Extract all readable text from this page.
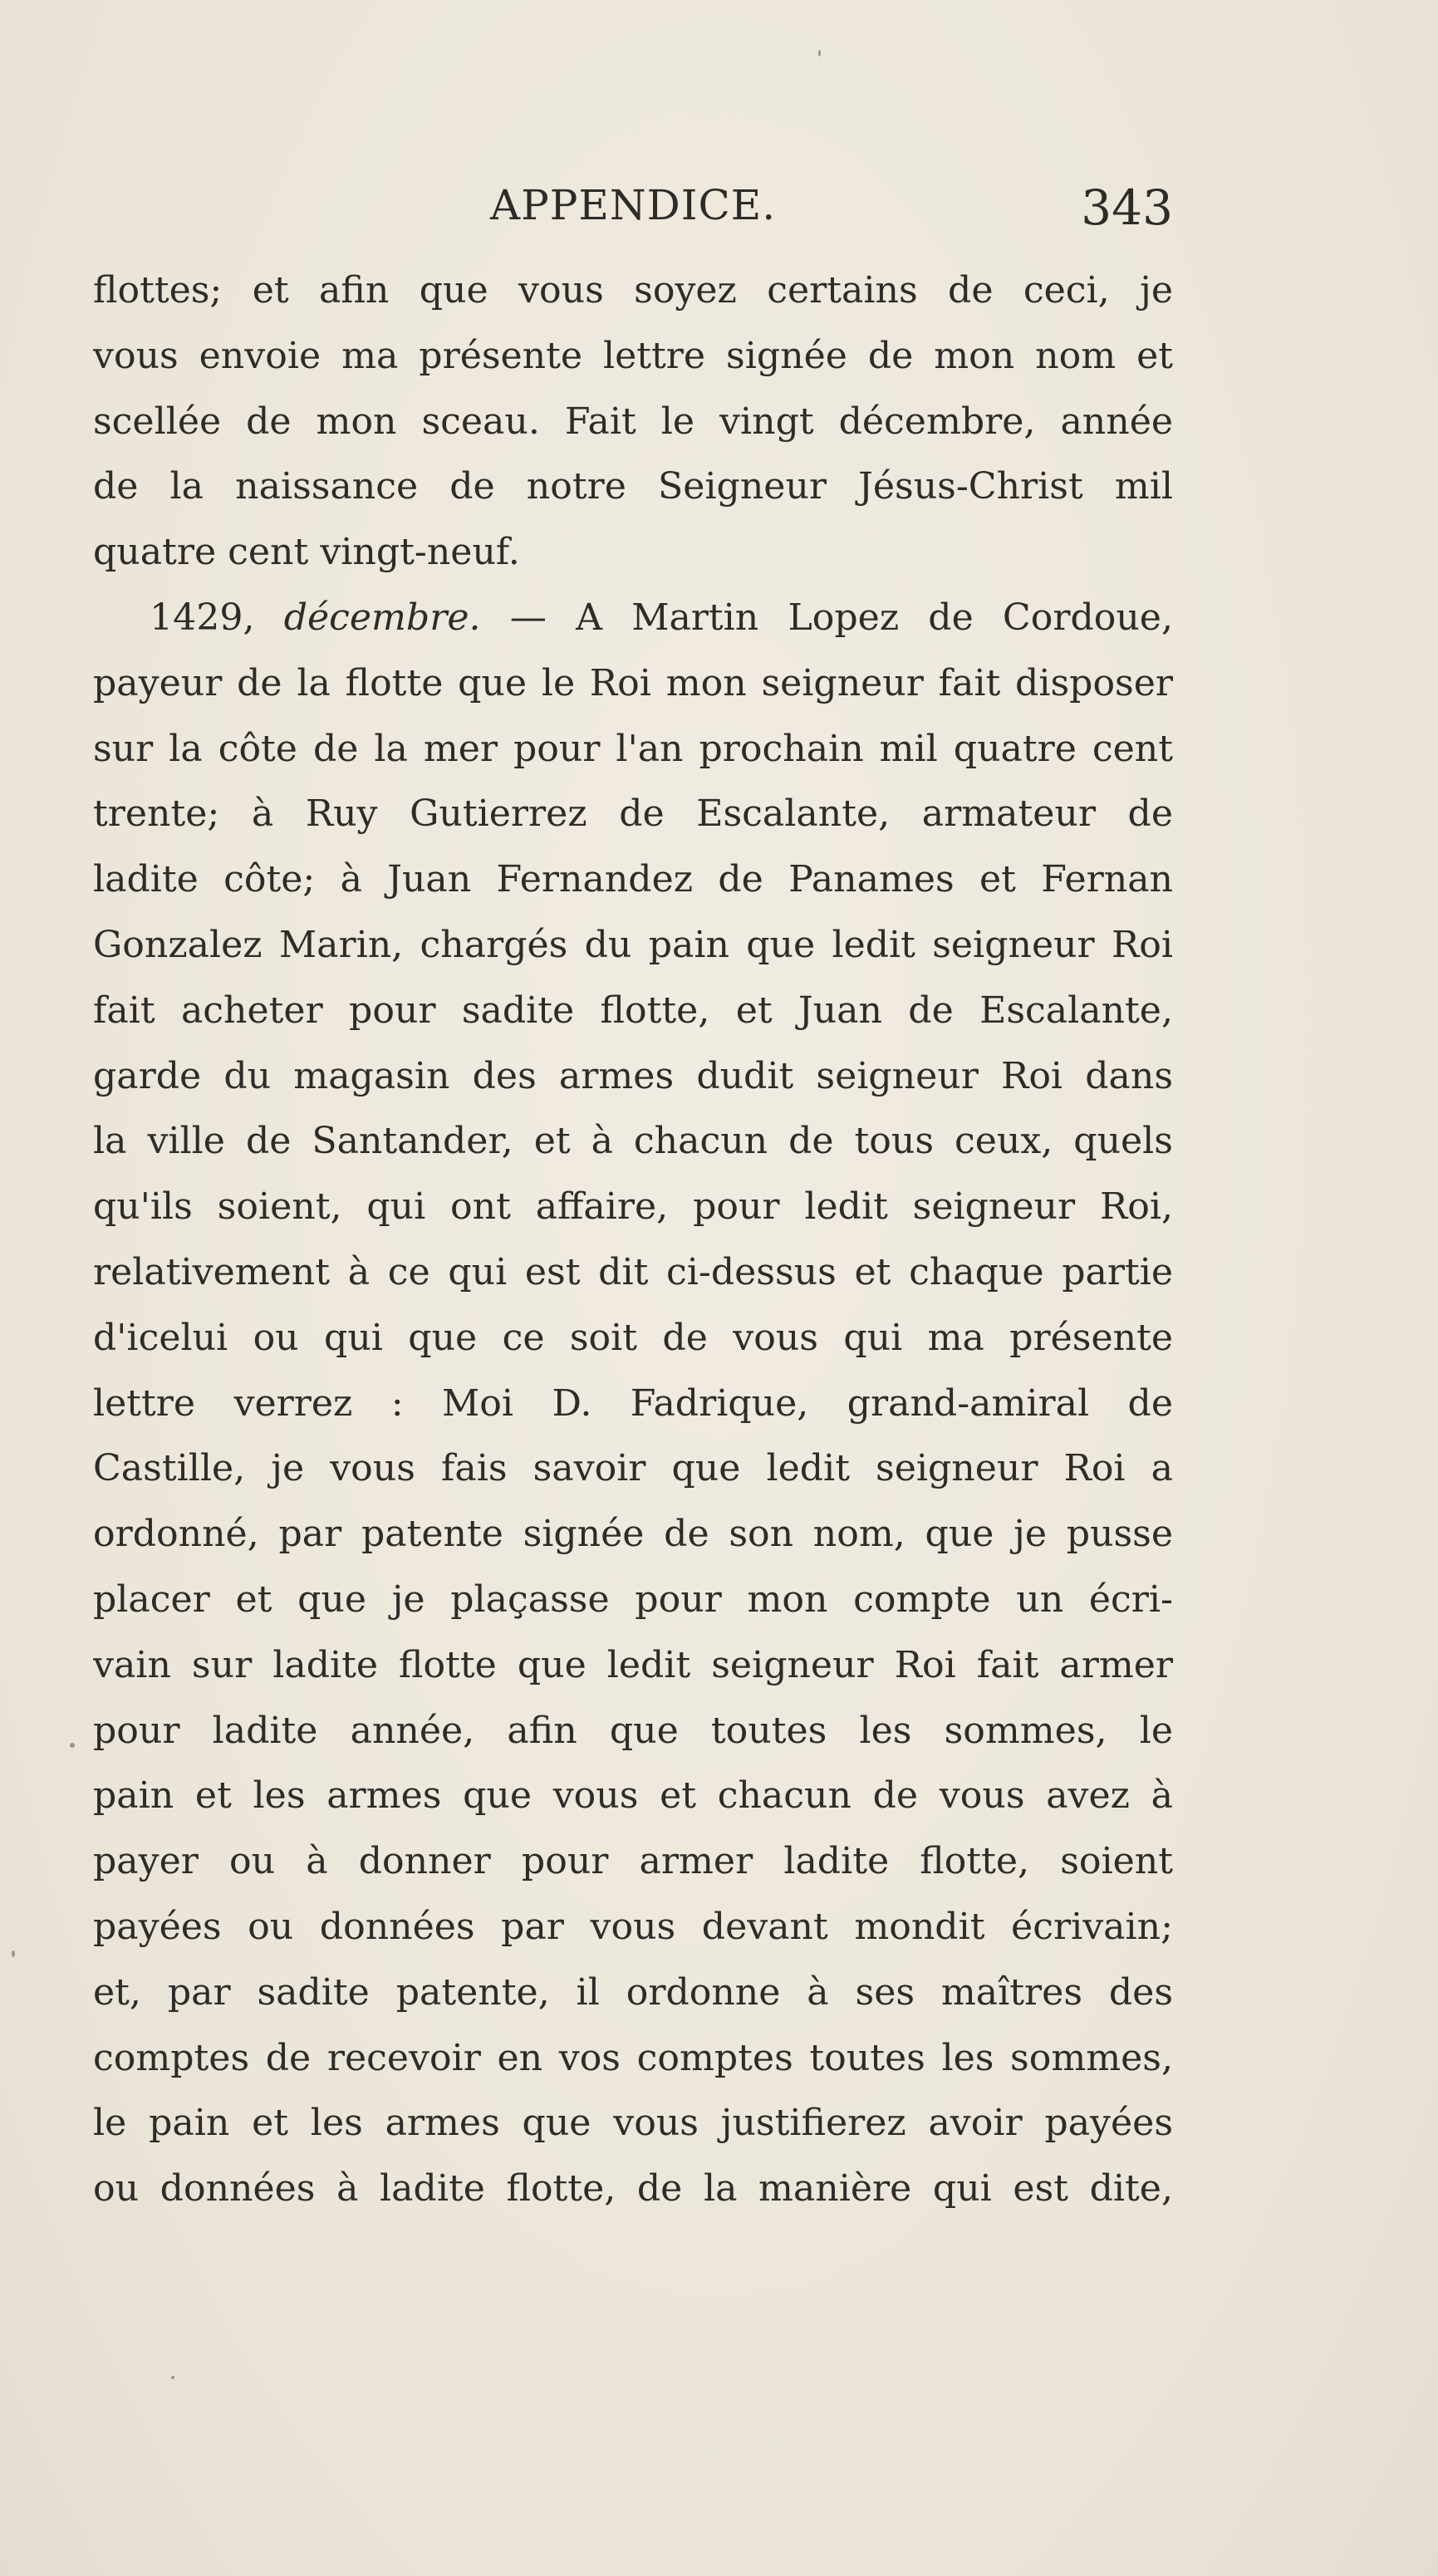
APPENDICE.	343
flottes; et afin que vous soyez certains de ceci, je
vous envoie ma présente lettre signée de mon nom et
scellée de mon sceau. Fait le vingt décembre, année
de la naissance de notre Seigneur Jésus-Christ mil
quatre cent vingt-neuf.
1429, décembre. — A Martin Lopez de Cordoue,
payeur de la flotte que le Roi mon seigneur fait disposer
sur la côte de la mer pour l'an prochain mil quatre cent
trente; à Ruy Gutierrez de Escalante, armateur de
ladite côte; à Juan Fernandez de Panames et Fernan
Gonzalez Marin, chargés du pain que ledit seigneur Roi
fait acheter pour sadite flotte, et Juan de Escalante,
garde du magasin des armes dudit seigneur Roi dans
la ville de Santander, et à chacun de tous ceux, quels
qu'ils soient, qui ont affaire, pour ledit seigneur Roi,
relativement à ce qui est dit ci-dessus et chaque partie
d'icelui ou qui que ce soit de vous qui ma présente
lettre verrez : Moi D. Fadrique, grand-amiral de
Castille, je vous fais savoir que ledit seigneur Roi a
ordonné, par patente signée de son nom, que je pusse
placer et que je plaçasse pour mon compte un écri-
vain sur ladite flotte que ledit seigneur Roi fait armer
pour ladite année, afin que toutes les sommes, le
pain et les armes que vous et chacun de vous avez à
payer ou à donner pour armer ladite flotte, soient
payées ou données par vous devant mondit écrivain;
et, par sadite patente, il ordonne à ses maîtres des
comptes de recevoir en vos comptes toutes les sommes,
le pain et les armes que vous justifierez avoir payées
ou données à ladite flotte, de la manière qui est dite,
